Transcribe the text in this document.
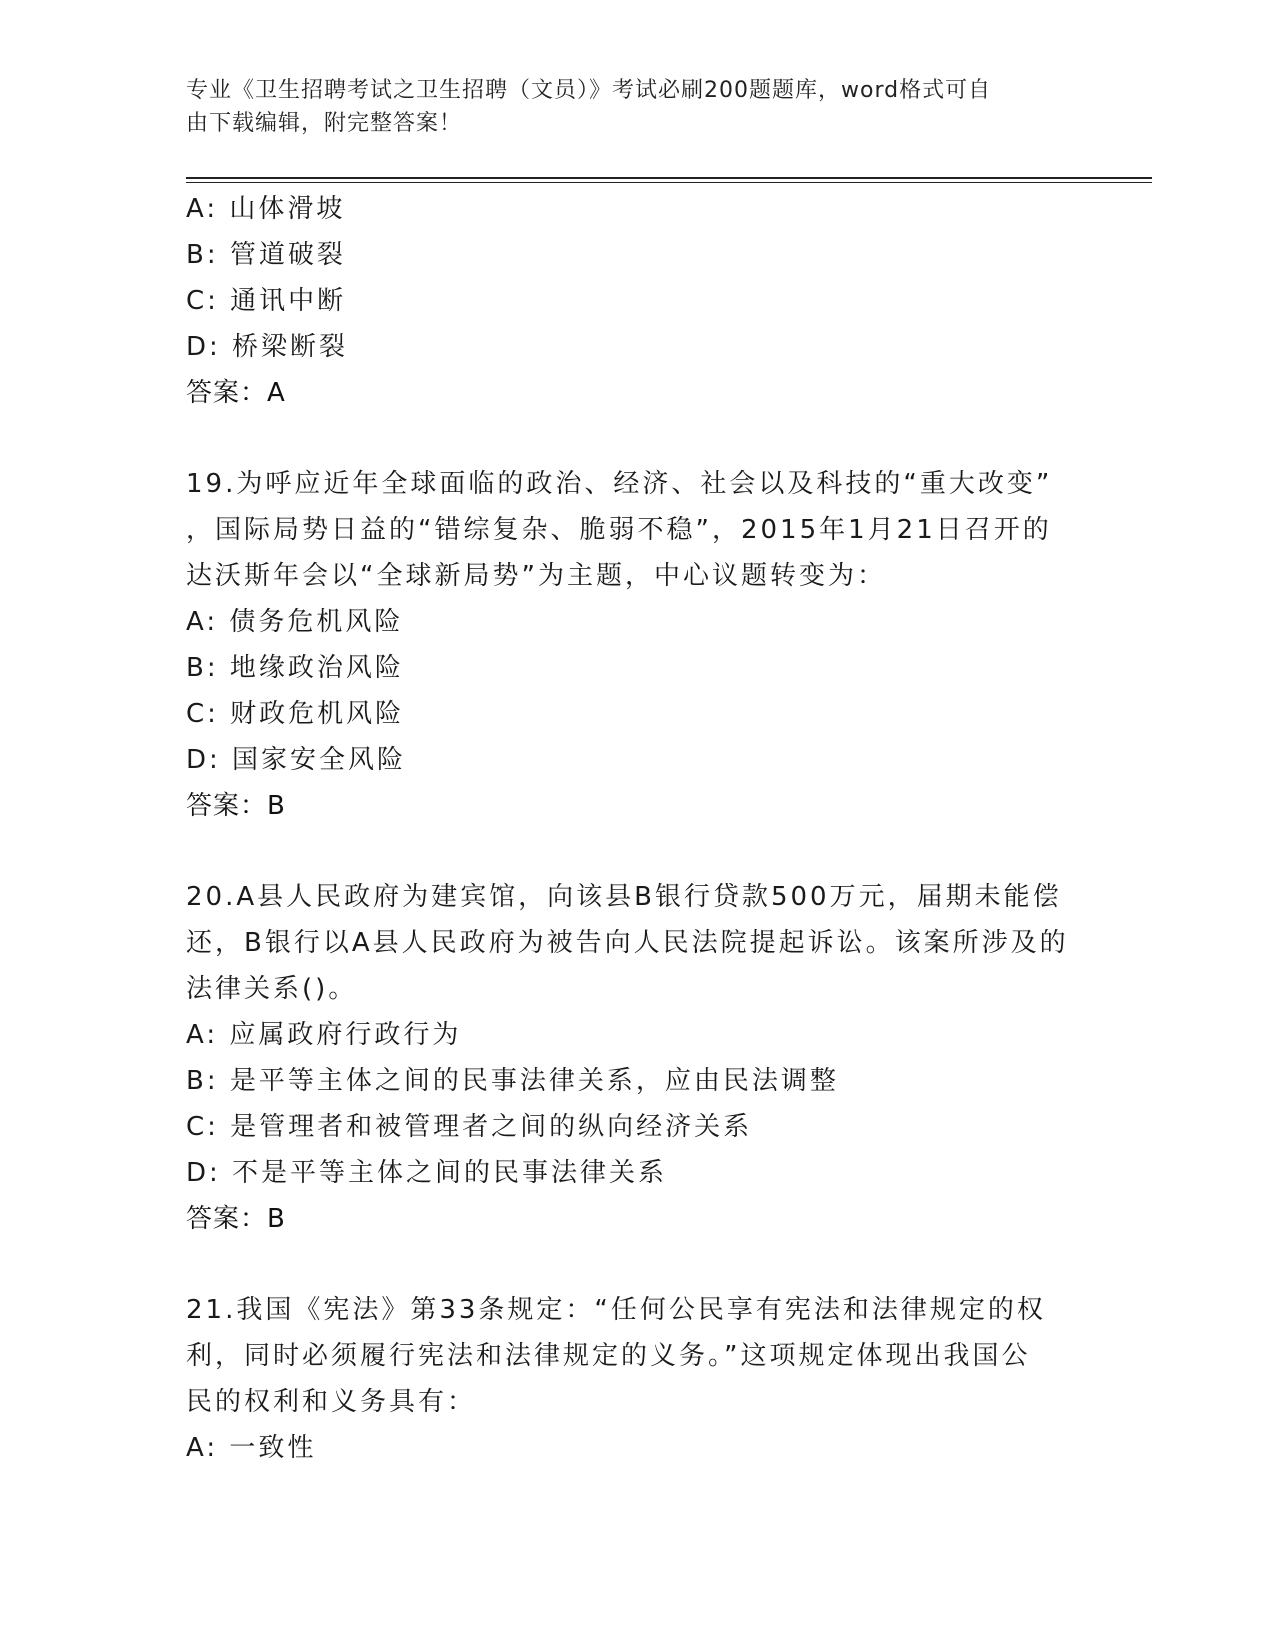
专业《卫生招聘考试之卫生招聘（文员）》考试必刷200题题库，word格式可自
由下载编辑，附完整答案！
A: 山体滑坡
B: 管道破裂
C: 通讯中断
D: 桥梁断裂
答案：A
19.为呼应近年全球面临的政治、经济、社会以及科技的“重大改变”
，国际局势日益的“错综复杂、脆弱不稳”，2015年1月21日召开的
达沃斯年会以“全球新局势”为主题，中心议题转变为：
A: 债务危机风险
B: 地缘政治风险
C: 财政危机风险
D: 国家安全风险
答案：B
20.A县人民政府为建宾馆，向该县B银行贷款500万元，届期未能偿
还，B银行以A县人民政府为被告向人民法院提起诉讼。该案所涉及的
法律关系()。
A: 应属政府行政行为
B: 是平等主体之间的民事法律关系，应由民法调整
C: 是管理者和被管理者之间的纵向经济关系
D: 不是平等主体之间的民事法律关系
答案：B
21.我国《宪法》第33条规定：“任何公民享有宪法和法律规定的权
利，同时必须履行宪法和法律规定的义务。”这项规定体现出我国公
民的权利和义务具有：
A: 一致性
